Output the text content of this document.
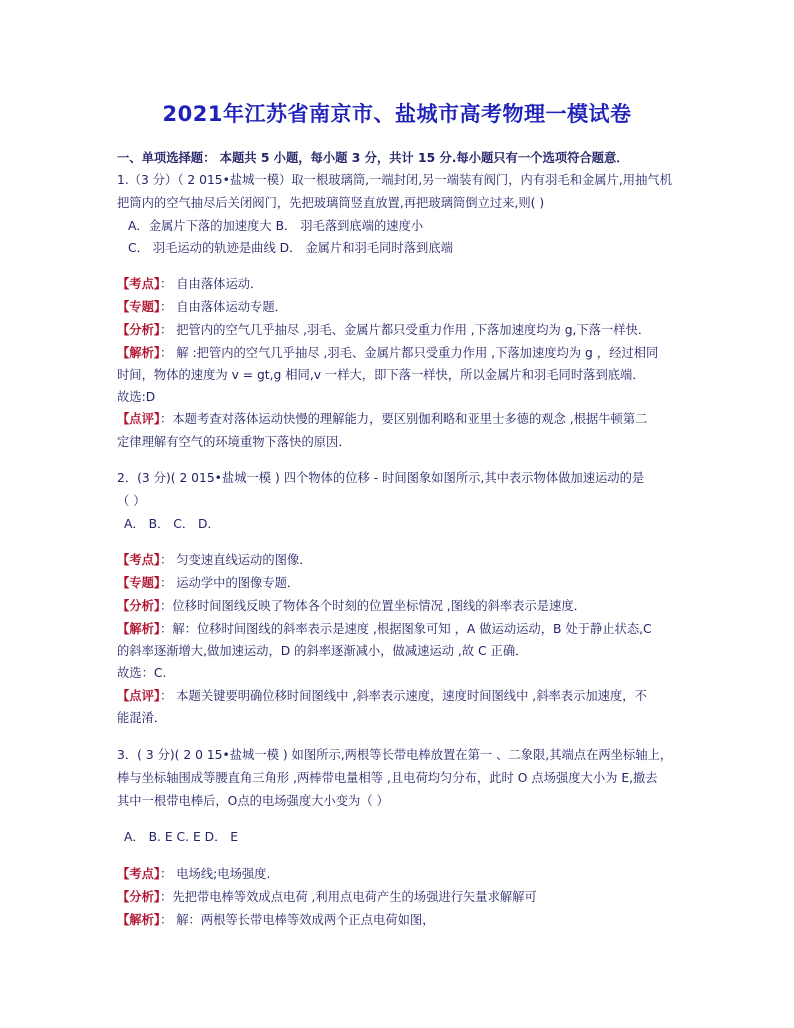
2021年江苏省南京市、盐城市高考物理一模试卷
一、单项选择题： 本题共 5 小题，每小题 3 分，共计 15 分.每小题只有一个选项符合题意．
1.（3 分）（ 2 015•盐城一模）取一根玻璃筒,一端封闭,另一端装有阀门，内有羽毛和金属片,用抽气机
把筒内的空气抽尽后关闭阀门，先把玻璃筒竖直放置,再把玻璃筒倒立过来,则( )
A．金属片下落的加速度大 B． 羽毛落到底端的速度小
C． 羽毛运动的轨迹是曲线 D． 金属片和羽毛同时落到底端
【考点】： 自由落体运动．
【专题】： 自由落体运动专题．
【分析】： 把管内的空气几乎抽尽 ,羽毛、金属片都只受重力作用 ,下落加速度均为 g,下落一样快．
【解析】： 解 :把管内的空气几乎抽尽 ,羽毛、金属片都只受重力作用 ,下落加速度均为 g ，经过相同
时间，物体的速度为 v = gt,g 相同,v 一样大，即下落一样快，所以金属片和羽毛同时落到底端．
故选:D
【点评】：本题考查对落体运动快慢的理解能力，要区别伽利略和亚里士多德的观念 ,根据牛顿第二
定律理解有空气的环境重物下落快的原因．
2．(3 分)( 2 015•盐城一模 ) 四个物体的位移 - 时间图象如图所示,其中表示物体做加速运动的是
（ ）
A． B． C． D．
【考点】： 匀变速直线运动的图像．
【专题】： 运动学中的图像专题．
【分析】：位移时间图线反映了物体各个时刻的位置坐标情况 ,图线的斜率表示是速度．
【解析】：解：位移时间图线的斜率表示是速度 ,根据图象可知 ，A 做运动运动，B 处于静止状态,C
的斜率逐渐增大,做加速运动，D 的斜率逐渐减小，做减速运动 ,故 C 正确．
故选：C.
【点评】： 本题关键要明确位移时间图线中 ,斜率表示速度，速度时间图线中 ,斜率表示加速度，不
能混淆．
3．( 3 分)( 2 0 15•盐城一模 ) 如图所示,两根等长带电棒放置在第一 、二象限,其端点在两坐标轴上，
棒与坐标轴围成等腰直角三角形 ,两棒带电量相等 ,且电荷均匀分布，此时 O 点场强度大小为 E,撤去
其中一根带电棒后，O点的电场强度大小变为（ ）
A． B. E C. E D． E
【考点】： 电场线;电场强度.
【分析】：先把带电棒等效成点电荷 ,利用点电荷产生的场强进行矢量求解解可
【解析】： 解：两根等长带电棒等效成两个正点电荷如图，
